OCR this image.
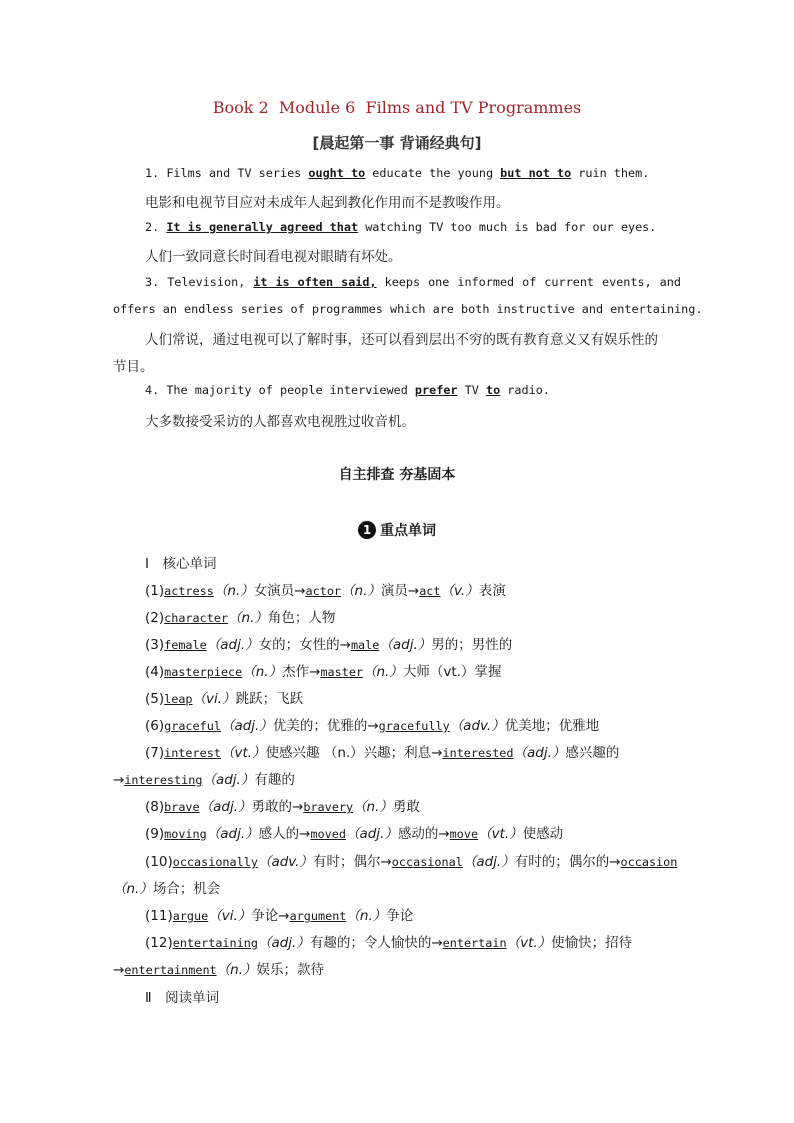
Book 2  Module 6  Films and TV Programmes
[晨起第一事 背诵经典句]
1. Films and TV series ought to educate the young but not to ruin them.
电影和电视节目应对未成年人起到教化作用而不是教唆作用。
2. It is generally agreed that watching TV too much is bad for our eyes.
人们一致同意长时间看电视对眼睛有坏处。
3. Television, it is often said, keeps one informed of current events, and
offers an endless series of programmes which are both instructive and entertaining.
人们常说，通过电视可以了解时事，还可以看到层出不穷的既有教育意义又有娱乐性的
节目。
4. The majority of people interviewed prefer TV to radio.
大多数接受采访的人都喜欢电视胜过收音机。
自主排查 夯基固本
1 重点单词
Ⅰ　核心单词
(1)actress（n.）女演员→actor（n.）演员→act（v.）表演
(2)character（n.）角色；人物
(3)female（adj.）女的；女性的→male（adj.）男的；男性的
(4)masterpiece（n.）杰作→master（n.）大师（vt.）掌握
(5)leap（vi.）跳跃；飞跃
(6)graceful（adj.）优美的；优雅的→gracefully（adv.）优美地；优雅地
(7)interest（vt.）使感兴趣 （n.）兴趣；利息→interested（adj.）感兴趣的
→interesting（adj.）有趣的
(8)brave（adj.）勇敢的→bravery（n.）勇敢
(9)moving（adj.）感人的→moved（adj.）感动的→move（vt.）使感动
(10)occasionally（adv.）有时；偶尔→occasional（adj.）有时的；偶尔的→occasion
（n.）场合；机会
(11)argue（vi.）争论→argument（n.）争论
(12)entertaining（adj.）有趣的；令人愉快的→entertain（vt.）使愉快；招待
→entertainment（n.）娱乐；款待
Ⅱ　阅读单词
